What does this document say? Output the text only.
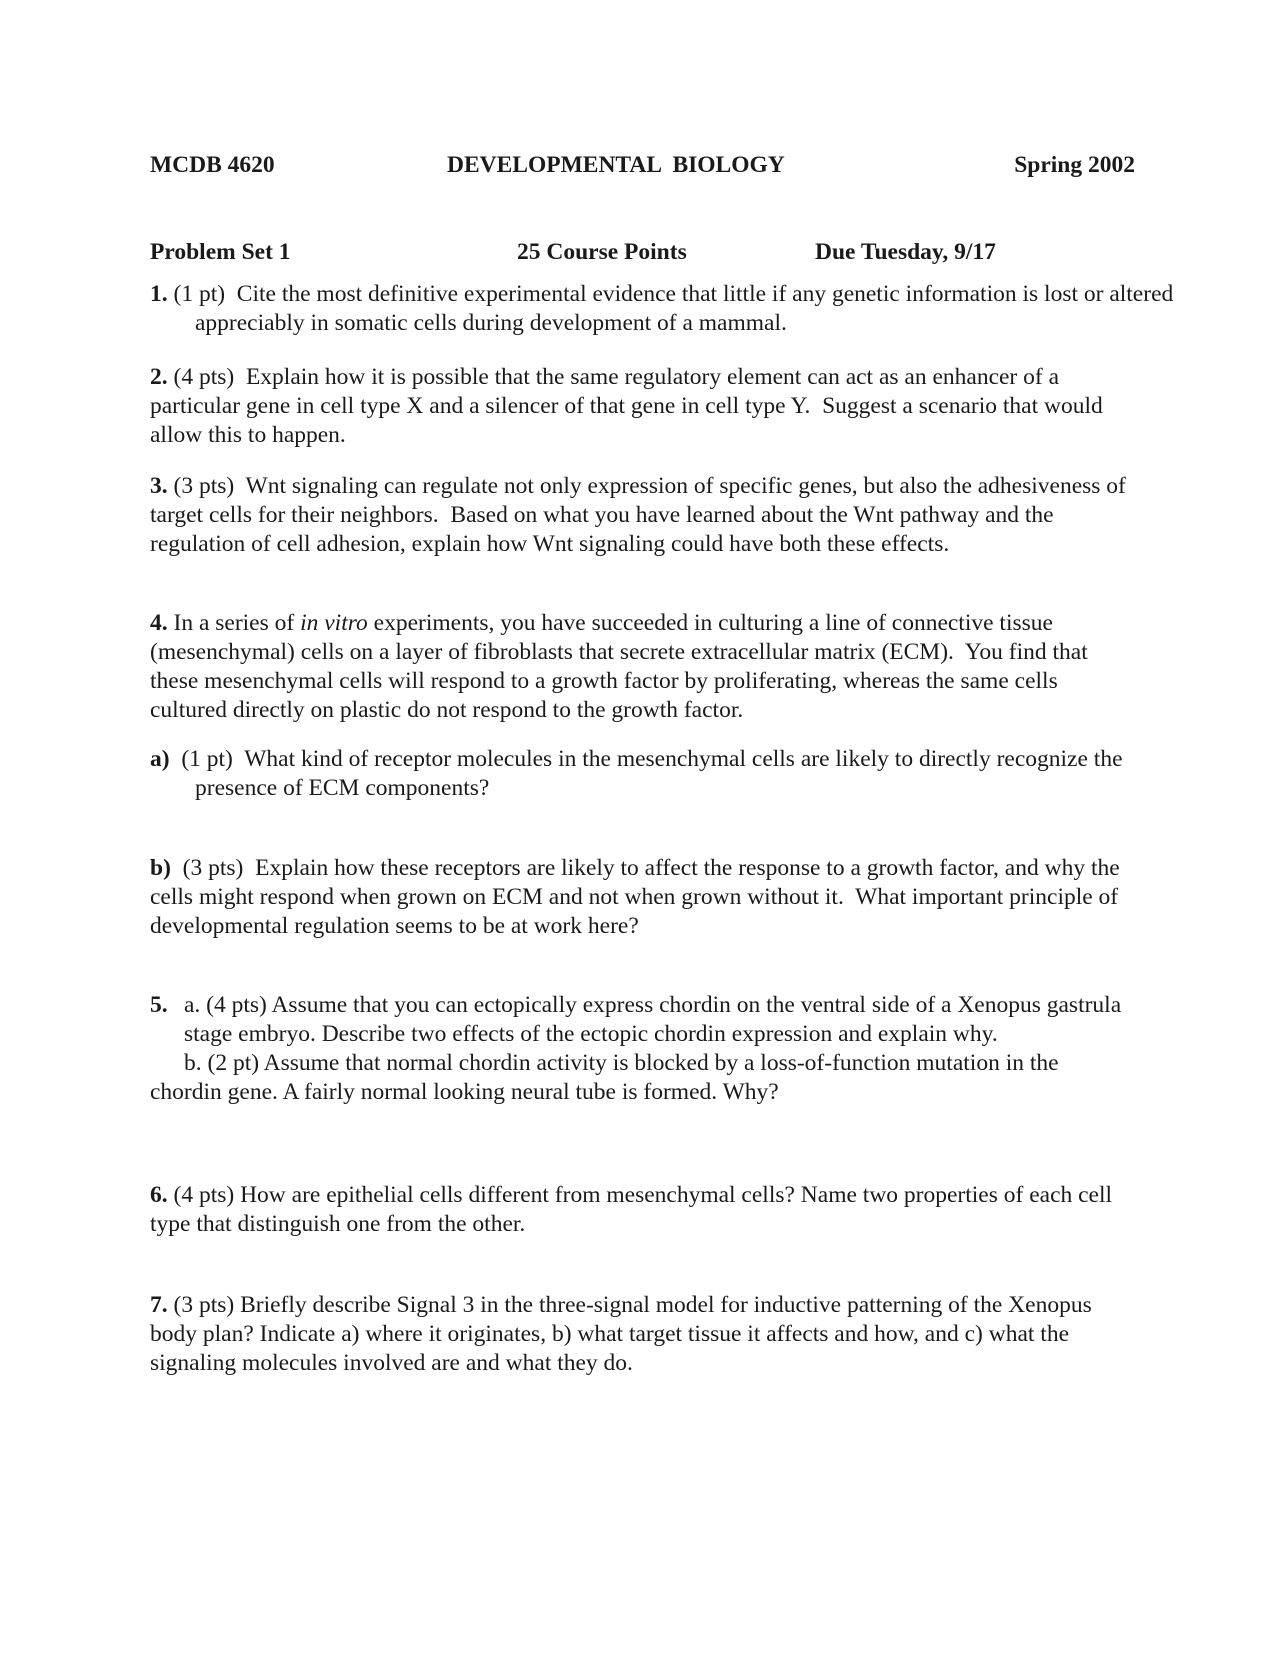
MCDB 4620	DEVELOPMENTAL  BIOLOGY	Spring 2002
Problem Set 1	25 Course Points	Due Tuesday, 9/17

1. (1 pt)  Cite the most definitive experimental evidence that little if any genetic information is lost or altered appreciably in somatic cells during development of a mammal.

2. (4 pts)  Explain how it is possible that the same regulatory element can act as an enhancer of a particular gene in cell type X and a silencer of that gene in cell type Y.  Suggest a scenario that would allow this to happen.

3. (3 pts)  Wnt signaling can regulate not only expression of specific genes, but also the adhesiveness of target cells for their neighbors.  Based on what you have learned about the Wnt pathway and the regulation of cell adhesion, explain how Wnt signaling could have both these effects.

4. In a series of in vitro experiments, you have succeeded in culturing a line of connective tissue (mesenchymal) cells on a layer of fibroblasts that secrete extracellular matrix (ECM).  You find that these mesenchymal cells will respond to a growth factor by proliferating, whereas the same cells cultured directly on plastic do not respond to the growth factor.

a)  (1 pt)  What kind of receptor molecules in the mesenchymal cells are likely to directly recognize the presence of ECM components?

b)  (3 pts)  Explain how these receptors are likely to affect the response to a growth factor, and why the cells might respond when grown on ECM and not when grown without it.  What important principle of developmental regulation seems to be at work here?

5. a. (4 pts) Assume that you can ectopically express chordin on the ventral side of a Xenopus gastrula stage embryo. Describe two effects of the ectopic chordin expression and explain why.
b. (2 pt) Assume that normal chordin activity is blocked by a loss-of-function mutation in the chordin gene. A fairly normal looking neural tube is formed. Why?

6. (4 pts) How are epithelial cells different from mesenchymal cells? Name two properties of each cell type that distinguish one from the other.

7. (3 pts) Briefly describe Signal 3 in the three-signal model for inductive patterning of the Xenopus body plan? Indicate a) where it originates, b) what target tissue it affects and how, and c) what the signaling molecules involved are and what they do.
